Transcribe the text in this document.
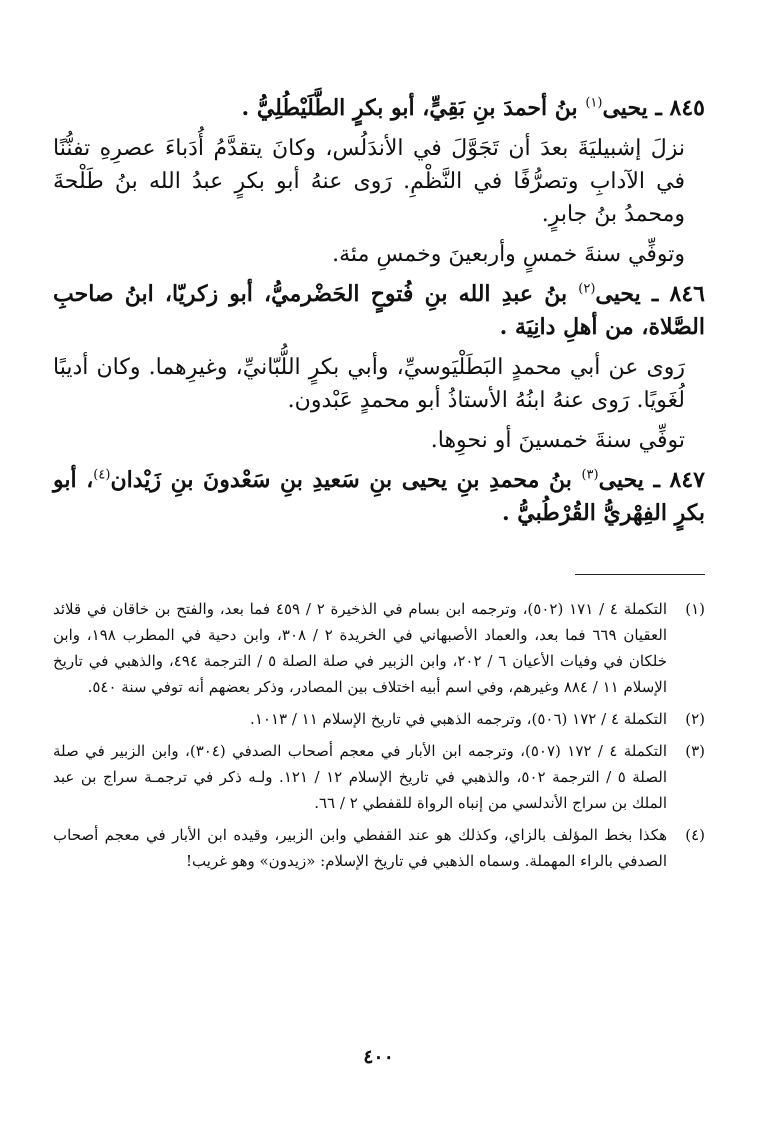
٨٤٥ ـ يحيى$^{(١)}$ بنُ أحمدَ بنِ بَقِيٍّ، أبو بكرٍ الطَّلَيْطُلِيُّ .

نزلَ إشبيليَةَ بعدَ أن تَجَوَّلَ في الأندَلُس، وكانَ يتقدَّمُ أُدَباءَ عصرِهِ تفنُّنًا في الآدابِ وتصرُّفًا في النَّظْمِ. رَوى عنهُ أبو بكرٍ عبدُ الله بنُ طَلْحةَ ومحمدُ بنُ جابرٍ.

وتوفِّي سنةَ خمسٍ وأربعينَ وخمسِ مئة.

٨٤٦ ـ يحيى$^{(٢)}$ بنُ عبدِ الله بنِ فُتوحٍ الحَضْرميُّ، أبو زكريّا، ابنُ صاحبِ الصَّلاة، من أهلِ دانِيَة .

رَوى عن أبي محمدٍ البَطَلْيَوسيِّ، وأبي بكرٍ اللُّبّانيِّ، وغيرِهما. وكان أديبًا لُغَويًا. رَوى عنهُ ابنُهُ الأستاذُ أبو محمدٍ عَبْدون.

توفِّي سنةَ خمسينَ أو نحوِها.

٨٤٧ ـ يحيى$^{(٣)}$ بنُ محمدِ بنِ يحيى بنِ سَعيدِ بنِ سَعْدونَ بنِ زَيْدان$^{(٤)}$، أبو بكرٍ الفِهْريُّ القُرْطُبيُّ .

(١)
التكملة ٤ / ١٧١ (٥٠٢)، وترجمه ابن بسام في الذخيرة ٢ / ٤٥٩ فما بعد، والفتح بن خاقان في قلائد العقيان ٦٦٩ فما بعد، والعماد الأصبهاني في الخريدة ٢ / ٣٠٨، وابن دحية في المطرب ١٩٨، وابن خلكان في وفيات الأعيان ٦ / ٢٠٢، وابن الزبير في صلة الصلة ٥ / الترجمة ٤٩٤، والذهبي في تاريخ الإسلام ١١ / ٨٨٤ وغيرهم، وفي اسم أبيه اختلاف بين المصادر، وذكر بعضهم أنه توفي سنة ٥٤٠.
(٢)
التكملة ٤ / ١٧٢ (٥٠٦)، وترجمه الذهبي في تاريخ الإسلام ١١ / ١٠١٣.
(٣)
التكملة ٤ / ١٧٢ (٥٠٧)، وترجمه ابن الأبار في معجم أصحاب الصدفي (٣٠٤)، وابن الزبير في صلة الصلة ٥ / الترجمة ٥٠٢، والذهبي في تاريخ الإسلام ١٢ / ١٢١. ولـه ذكر في ترجمـة سراج بن عبد الملك بن سراج الأندلسي من إنباه الرواة للقفطي ٢ / ٦٦.
(٤)
هكذا بخط المؤلف بالزاي، وكذلك هو عند القفطي وابن الزبير، وقيده ابن الأبار في معجم أصحاب الصدفي بالراء المهملة. وسماه الذهبي في تاريخ الإسلام: «زيدون» وهو غريب!
٤٠٠
